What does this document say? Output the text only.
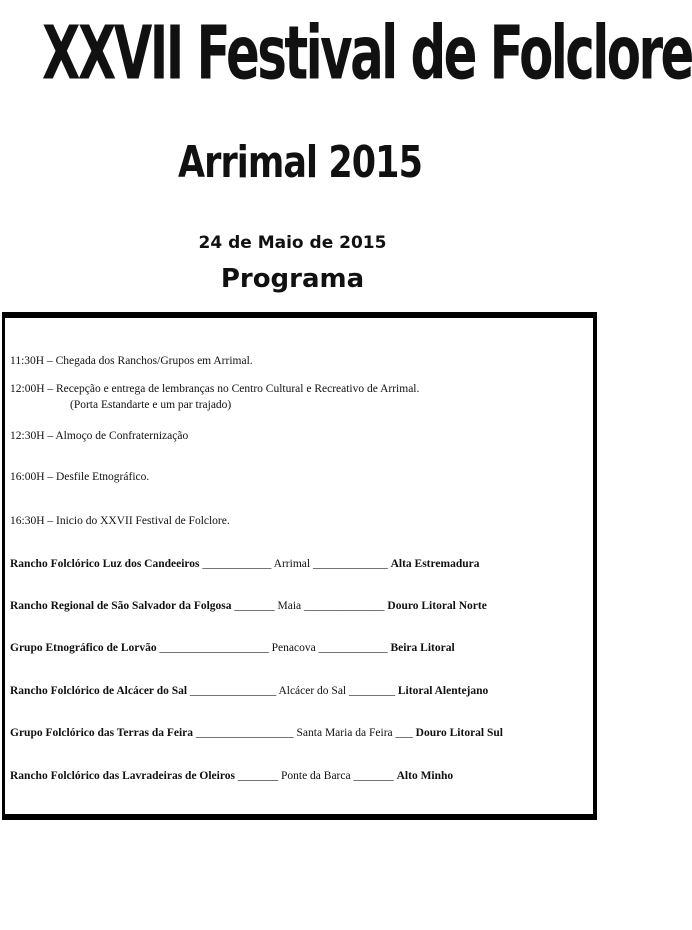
XXVII Festival de Folclore
Arrimal 2015
24 de Maio de 2015
Programa
11:30H – Chegada dos Ranchos/Grupos em Arrimal.
12:00H – Recepção e entrega de lembranças no Centro Cultural e Recreativo de Arrimal.
(Porta Estandarte e um par trajado)
12:30H – Almoço de Confraternização
16:00H – Desfile Etnográfico.
16:30H – Inicio do XXVII Festival de Folclore.
Rancho Folclórico Luz dos Candeeiros ____________ Arrimal _____________ Alta Estremadura
Rancho Regional de São Salvador da Folgosa _______ Maia ______________ Douro Litoral Norte
Grupo Etnográfico de Lorvão ___________________ Penacova ____________ Beira Litoral
Rancho Folclórico de Alcácer do Sal _______________ Alcácer do Sal ________ Litoral Alentejano
Grupo Folclórico das Terras da Feira _________________ Santa Maria da Feira ___ Douro Litoral Sul
Rancho Folclórico das Lavradeiras de Oleiros _______ Ponte da Barca _______ Alto Minho
